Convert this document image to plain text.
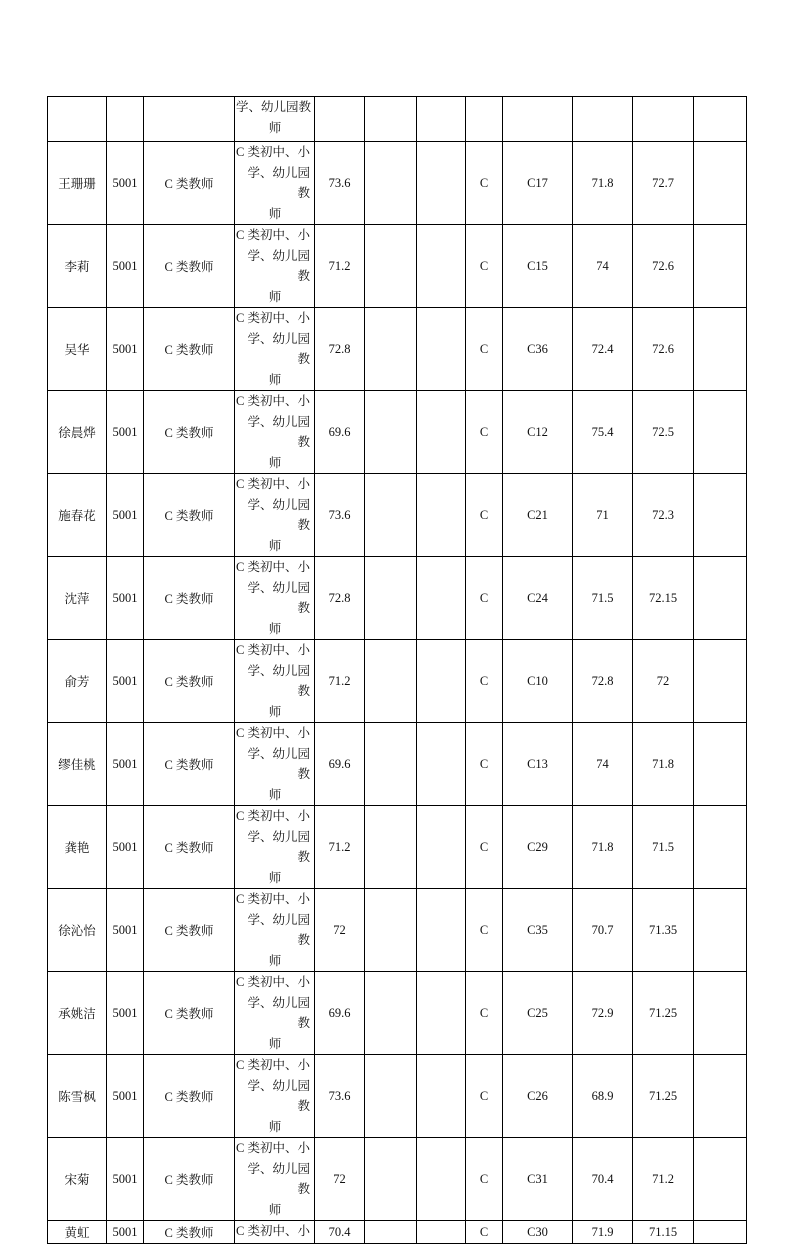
			学、幼儿园教
师								

王珊珊	5001	C 类教师	C 类初中、小
学、幼儿园教
师	73.6			C	C17	71.8	72.7	
李莉	5001	C 类教师	C 类初中、小
学、幼儿园教
师	71.2			C	C15	74	72.6	
吴华	5001	C 类教师	C 类初中、小
学、幼儿园教
师	72.8			C	C36	72.4	72.6	
徐晨烨	5001	C 类教师	C 类初中、小
学、幼儿园教
师	69.6			C	C12	75.4	72.5	
施春花	5001	C 类教师	C 类初中、小
学、幼儿园教
师	73.6			C	C21	71	72.3	
沈萍	5001	C 类教师	C 类初中、小
学、幼儿园教
师	72.8			C	C24	71.5	72.15	
俞芳	5001	C 类教师	C 类初中、小
学、幼儿园教
师	71.2			C	C10	72.8	72	
缪佳桃	5001	C 类教师	C 类初中、小
学、幼儿园教
师	69.6			C	C13	74	71.8	
龚艳	5001	C 类教师	C 类初中、小
学、幼儿园教
师	71.2			C	C29	71.8	71.5	
徐沁怡	5001	C 类教师	C 类初中、小
学、幼儿园教
师	72			C	C35	70.7	71.35	
承姚洁	5001	C 类教师	C 类初中、小
学、幼儿园教
师	69.6			C	C25	72.9	71.25	
陈雪枫	5001	C 类教师	C 类初中、小
学、幼儿园教
师	73.6			C	C26	68.9	71.25	
宋菊	5001	C 类教师	C 类初中、小
学、幼儿园教
师	72			C	C31	70.4	71.2	
黄虹	5001	C 类教师	C 类初中、小	70.4			C	C30	71.9	71.15	
